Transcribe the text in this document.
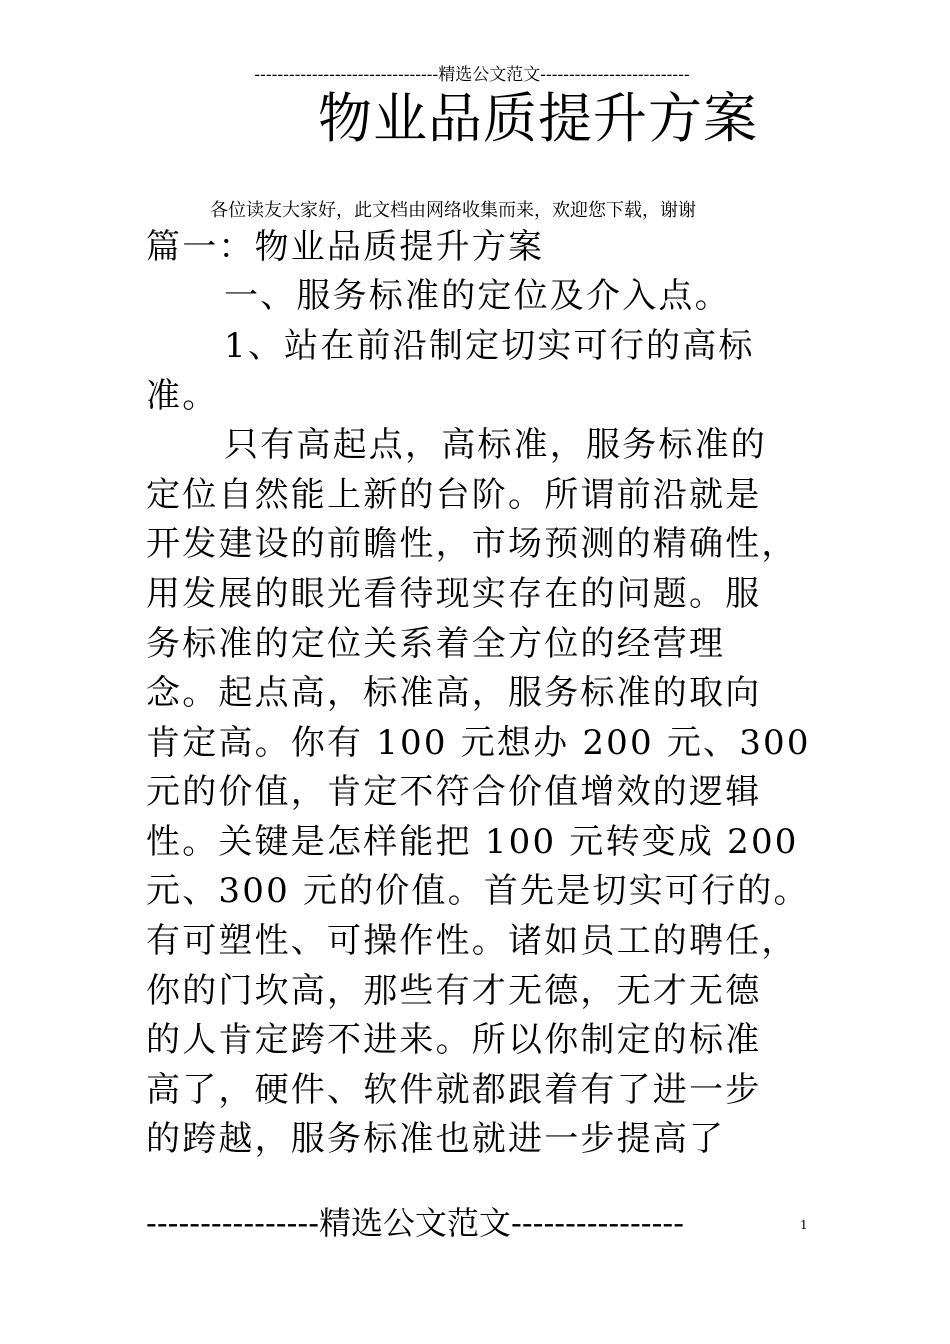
--------------------------------精选公文范文--------------------------
物业品质提升方案
各位读友大家好，此文档由网络收集而来，欢迎您下载，谢谢
篇一：物业品质提升方案
一、服务标准的定位及介入点。
1、站在前沿制定切实可行的高标
准。
只有高起点，高标准，服务标准的
定位自然能上新的台阶。所谓前沿就是
开发建设的前瞻性，市场预测的精确性，
用发展的眼光看待现实存在的问题。服
务标准的定位关系着全方位的经营理
念。起点高，标准高，服务标准的取向
肯定高。你有 100 元想办 200 元、300
元的价值，肯定不符合价值增效的逻辑
性。关键是怎样能把 100 元转变成 200
元、300 元的价值。首先是切实可行的。
有可塑性、可操作性。诸如员工的聘任，
你的门坎高，那些有才无德，无才无德
的人肯定跨不进来。所以你制定的标准
高了，硬件、软件就都跟着有了进一步
的跨越，服务标准也就进一步提高了
----------------精选公文范文----------------	1
